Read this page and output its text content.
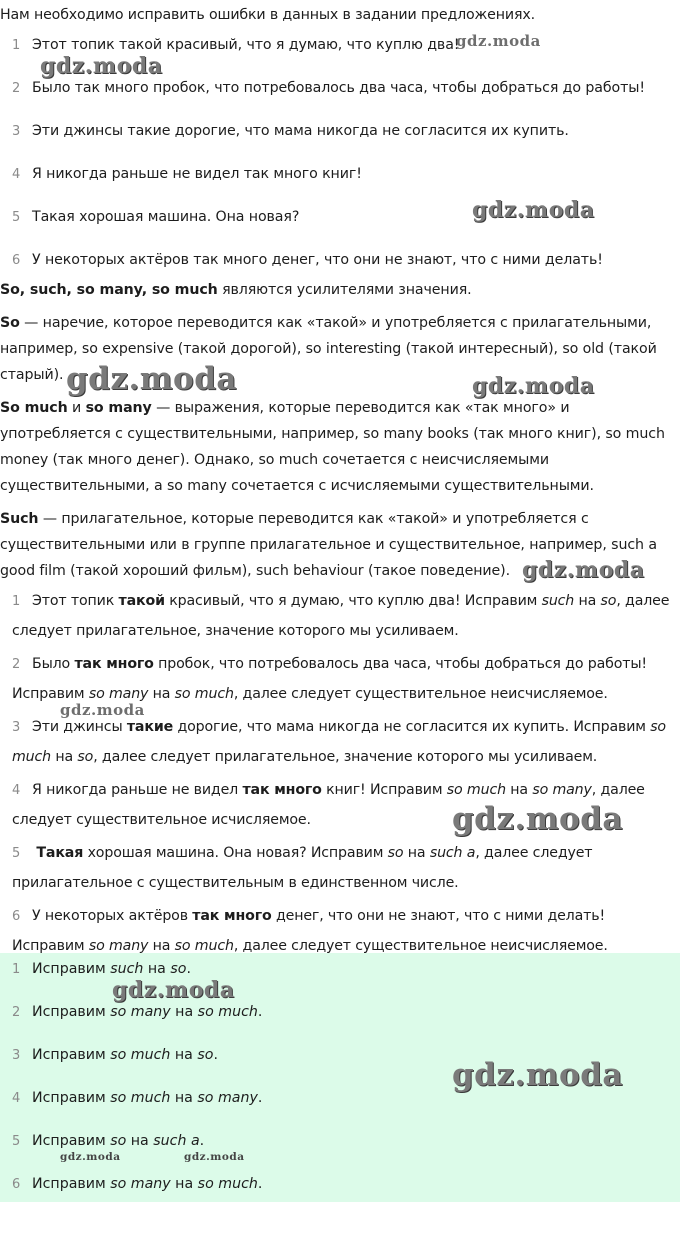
Нам необходимо исправить ошибки в данных в задании предложениях.
1 Этот топик такой красивый, что я думаю, что куплю два!
2 Было так много пробок, что потребовалось два часа, чтобы добраться до работы!
3 Эти джинсы такие дорогие, что мама никогда не согласится их купить.
4 Я никогда раньше не видел так много книг!
5 Такая хорошая машина. Она новая?
6 У некоторых актёров так много денег, что они не знают, что с ними делать!
So, such, so many, so much являются усилителями значения.
So — наречие, которое переводится как «такой» и употребляется с прилагательными, например, so expensive (такой дорогой), so interesting (такой интересный), so old (такой старый).
So much и so many — выражения, которые переводится как «так много» и употребляется с существительными, например, so many books (так много книг), so much money (так много денег). Однако, so much сочетается с неисчисляемыми существительными, а so many сочетается с исчисляемыми существительными.
Such — прилагательное, которые переводится как «такой» и употребляется с существительными или в группе прилагательное и существительное, например, such a good film (такой хороший фильм), such behaviour (такое поведение).
1 Этот топик такой красивый, что я думаю, что куплю два! Исправим such на so, далее следует прилагательное, значение которого мы усиливаем.
2 Было так много пробок, что потребовалось два часа, чтобы добраться до работы! Исправим so many на so much, далее следует существительное неисчисляемое.
3 Эти джинсы такие дорогие, что мама никогда не согласится их купить. Исправим so much на so, далее следует прилагательное, значение которого мы усиливаем.
4 Я никогда раньше не видел так много книг! Исправим so much на so many, далее следует существительное исчисляемое.
5 Такая хорошая машина. Она новая? Исправим so на such a, далее следует прилагательное с существительным в единственном числе.
6 У некоторых актёров так много денег, что они не знают, что с ними делать! Исправим so many на so much, далее следует существительное неисчисляемое.
1 Исправим such на so.
2 Исправим so many на so much.
3 Исправим so much на so.
4 Исправим so much на so many.
5 Исправим so на such a.
6 Исправим so many на so much.
gdz.moda
gdz.moda
gdz.moda
gdz.moda	gdz.moda
gdz.moda
gdz.moda
gdz.moda
gdz.moda
gdz.moda
gdz.moda	gdz.moda
